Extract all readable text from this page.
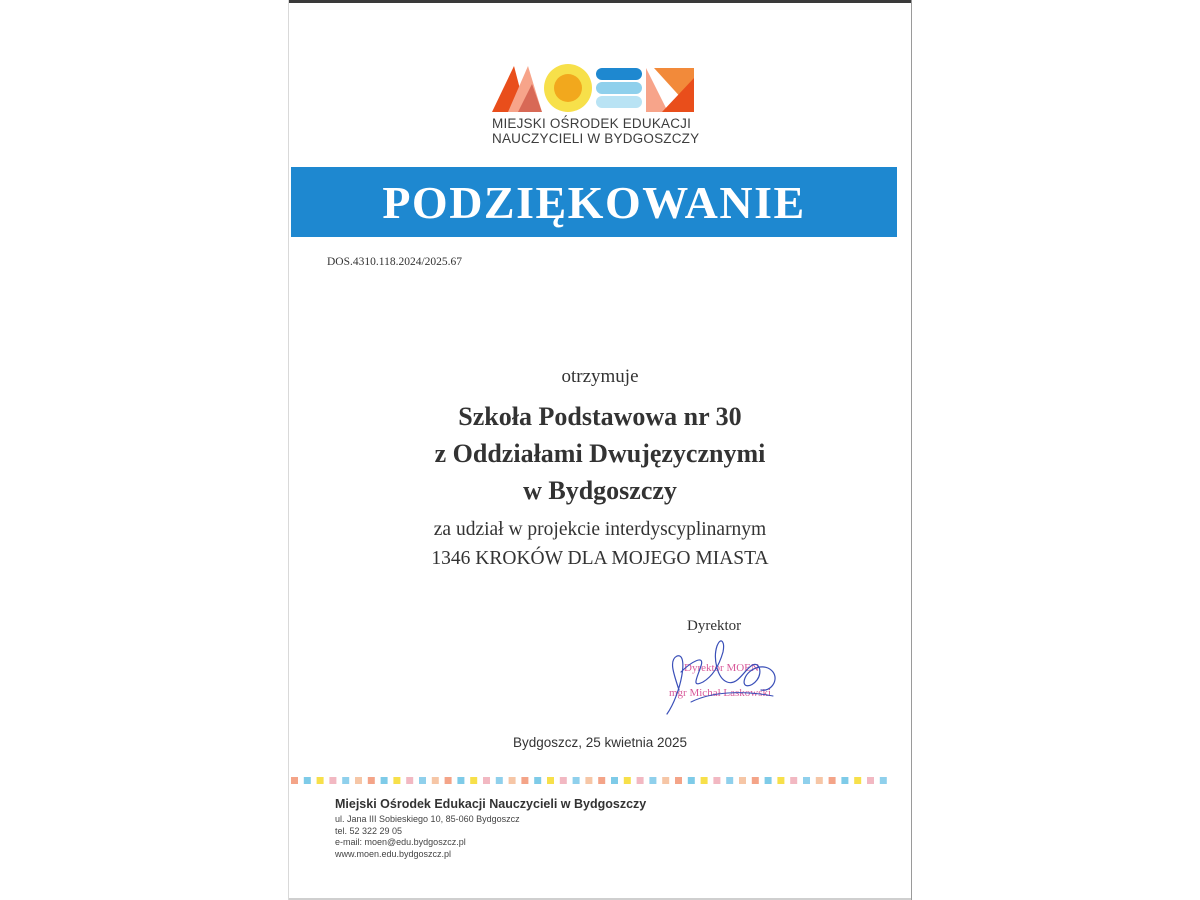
MIEJSKI OŚRODEK EDUKACJI
NAUCZYCIELI W BYDGOSZCZY
PODZIĘKOWANIE
DOS.4310.118.2024/2025.67
otrzymuje
Szkoła Podstawowa nr 30
z Oddziałami Dwujęzycznymi
w Bydgoszczy
za udział w projekcie interdyscyplinarnym
1346 KROKÓW DLA MOJEGO MIASTA
Dyrektor
Dyrektor MOEN
mgr Michał Laskowski
Bydgoszcz, 25 kwietnia 2025
Miejski Ośrodek Edukacji Nauczycieli w Bydgoszczy
ul. Jana III Sobieskiego 10, 85-060 Bydgoszcz
tel. 52 322 29 05
e-mail: moen@edu.bydgoszcz.pl
www.moen.edu.bydgoszcz.pl
